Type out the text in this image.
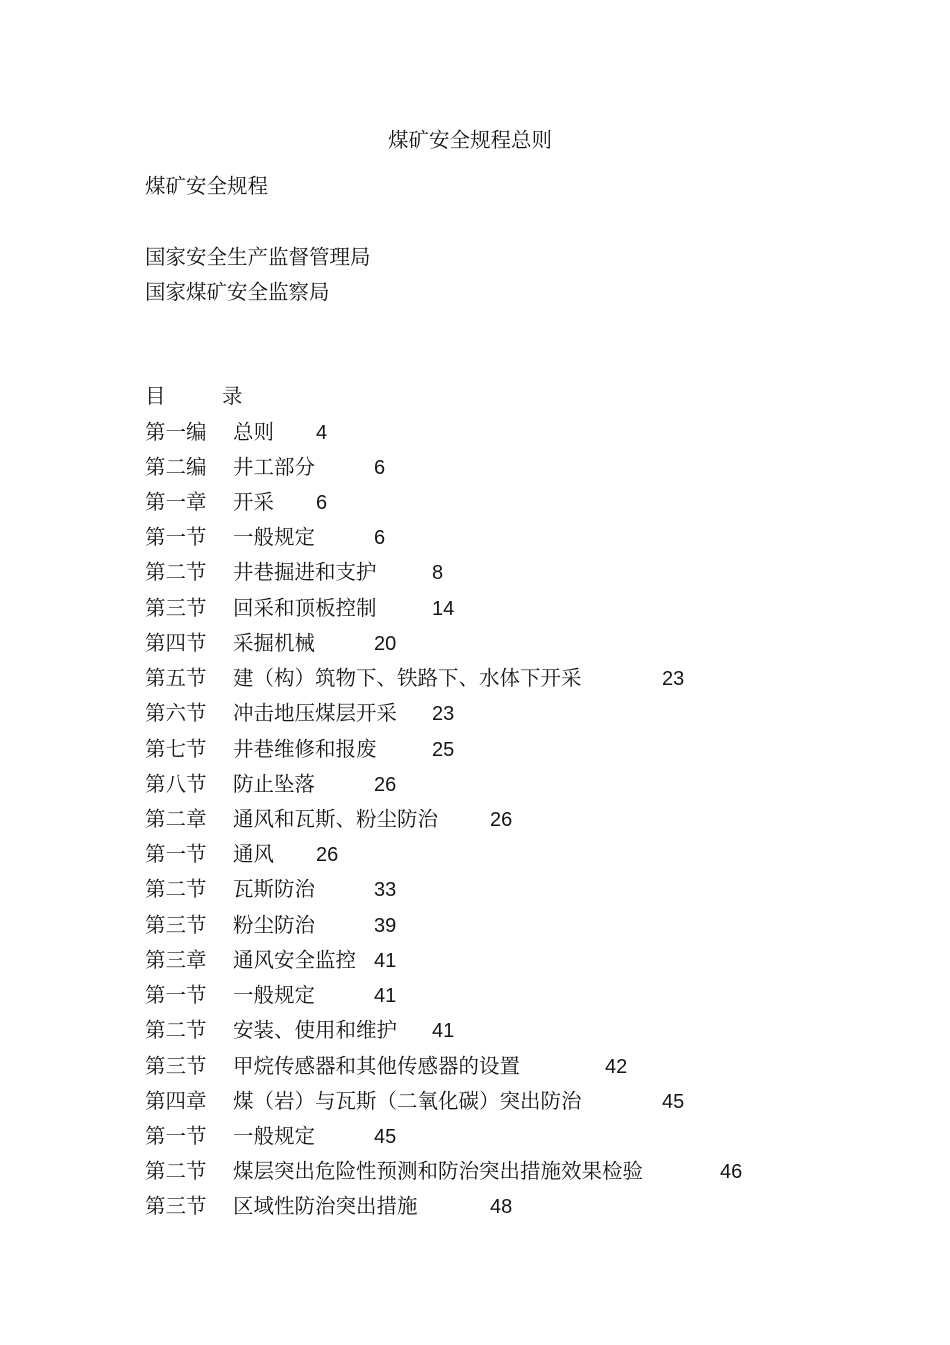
煤矿安全规程总则
煤矿安全规程
国家安全生产监督管理局
国家煤矿安全监察局
目	录
第一编 总则 4
第二编 井工部分	6
第一章 开采 6
第一节 一般规定	6
第二节 井巷掘进和支护	8
第三节 回采和顶板控制	14
第四节 采掘机械	20
第五节 建（构）筑物下、铁路下、水体下开采	23
第六节 冲击地压煤层开采 23
第七节 井巷维修和报废	25
第八节 防止坠落	26
第二章 通风和瓦斯、粉尘防治	26
第一节 通风 26
第二节 瓦斯防治	33
第三节 粉尘防治	39
第三章 通风安全监控 41
第一节 一般规定	41
第二节 安装、使用和维护 41
第三节 甲烷传感器和其他传感器的设置	42
第四章 煤（岩）与瓦斯（二氧化碳）突出防治	45
第一节 一般规定	45
第二节 煤层突出危险性预测和防治突出措施效果检验	46
第三节 区域性防治突出措施	48
